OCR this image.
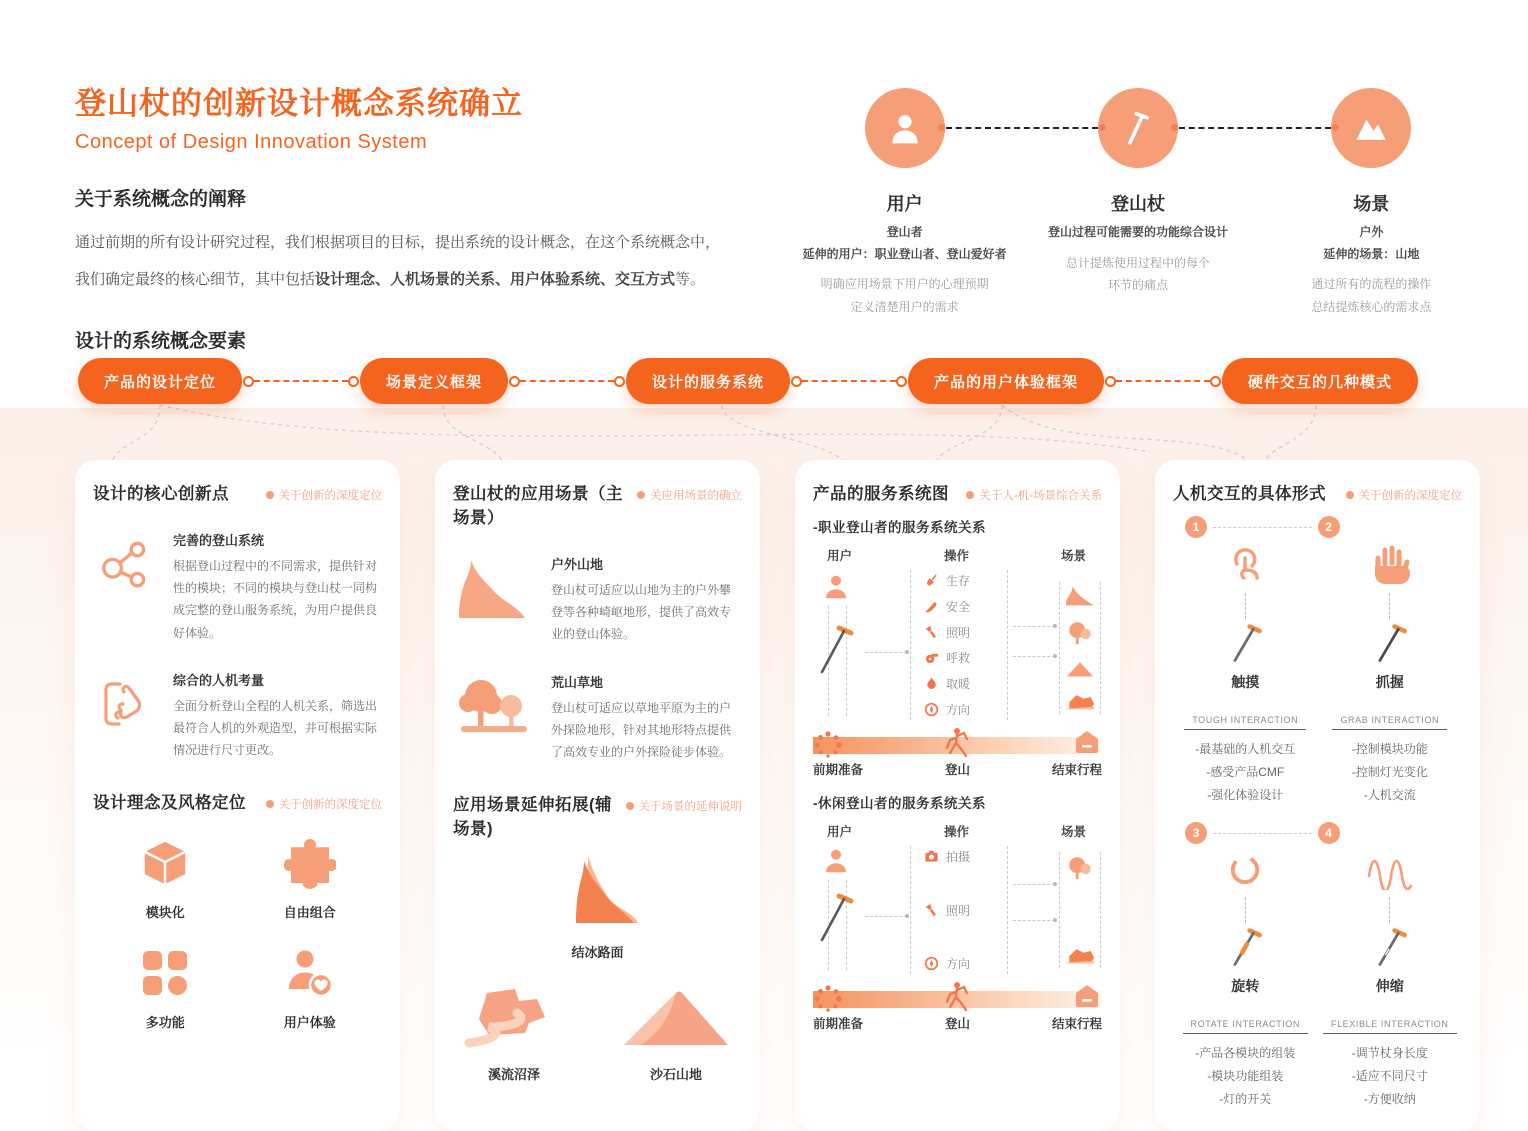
登山杖的创新设计概念系统确立
Concept of Design Innovation System
关于系统概念的阐释

通过前期的所有设计研究过程，我们根据项目的目标，提出系统的设计概念，在这个系统概念中，
我们确定最终的核心细节，其中包括设计理念、人机场景的关系、用户体验系统、交互方式等。

用户
登山者
延伸的用户：职业登山者、登山爱好者
明确应用场景下用户的心理预期
定义清楚用户的需求
登山杖
登山过程可能需要的功能综合设计
总计提炼使用过程中的每个
环节的痛点
场景
户外
延伸的场景：山地
通过所有的流程的操作
总结提炼核心的需求点
设计的系统概念要素
产品的设计定位	场景定义框架	设计的服务系统	产品的用户体验框架	硬件交互的几种模式
设计的核心创新点	关于创新的深度定位
完善的登山系统
根据登山过程中的不同需求，提供针对性的模块；不同的模块与登山杖一同构成完整的登山服务系统，为用户提供良好体验。
综合的人机考量
全面分析登山全程的人机关系，筛选出最符合人机的外观造型，并可根据实际情况进行尺寸更改。
设计理念及风格定位	关于创新的深度定位
模块化	自由组合
多功能	用户体验
登山杖的应用场景（主场景）
关应用场景的确立
户外山地
登山杖可适应以山地为主的户外攀登等各种崎岖地形，提供了高效专业的登山体验。
荒山草地
登山杖可适应以草地平原为主的户外探险地形，针对其地形特点提供了高效专业的户外探险徒步体验。
应用场景延伸拓展(辅场景)
关于场景的延伸说明
结冰路面
溪流沼泽	沙石山地
产品的服务系统图	关于人-机-场景综合关系
-职业登山者的服务系统关系
用户	操作	场景
生存
安全
照明
呼救
取暖
方向
前期准备	登山	结束行程
-休闲登山者的服务系统关系
用户	操作	场景
拍摄
照明
方向
前期准备	登山	结束行程
人机交互的具体形式	关于创新的深度定位
1	2
触摸

TOUGH INTERACTION
-最基础的人机交互
-感受产品CMF
-强化体验设计
抓握

GRAB INTERACTION
-控制模块功能
-控制灯光变化
-人机交流
3	4
旋转

ROTATE INTERACTION
-产品各模块的组装
-模块功能组装
-灯的开关
伸缩

FLEXIBLE INTERACTION
-调节杖身长度
-适应不同尺寸
-方便收纳
